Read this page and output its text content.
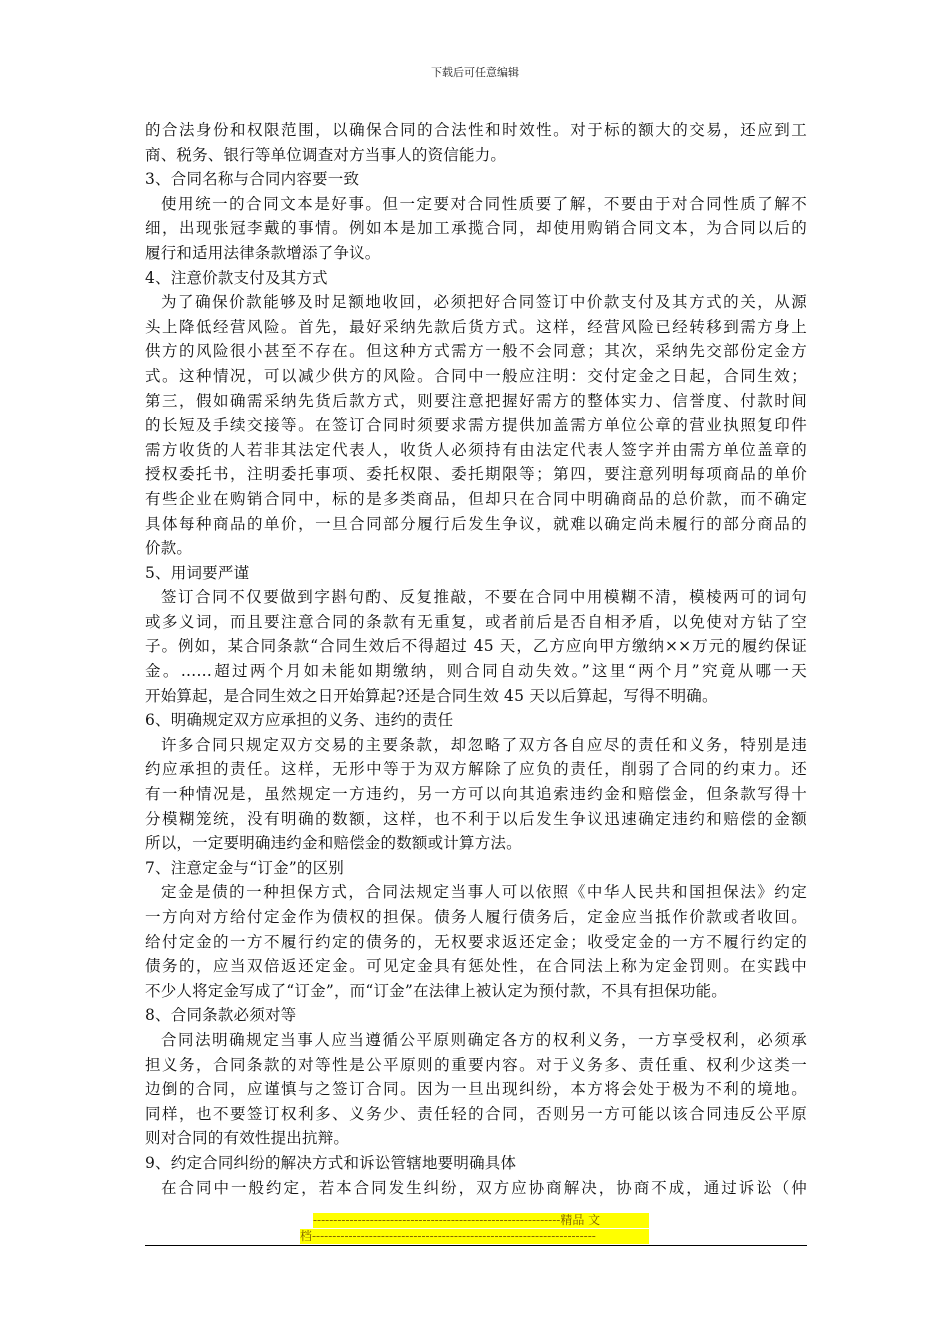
下载后可任意编辑
的合法身份和权限范围，以确保合同的合法性和时效性。对于标的额大的交易，还应到工
商、税务、银行等单位调查对方当事人的资信能力。
3、合同名称与合同内容要一致
使用统一的合同文本是好事。但一定要对合同性质要了解，不要由于对合同性质了解不
细，出现张冠李戴的事情。例如本是加工承揽合同，却使用购销合同文本，为合同以后的
履行和适用法律条款增添了争议。
4、注意价款支付及其方式
为了确保价款能够及时足额地收回，必须把好合同签订中价款支付及其方式的关，从源
头上降低经营风险。首先，最好采纳先款后货方式。这样，经营风险已经转移到需方身上
供方的风险很小甚至不存在。但这种方式需方一般不会同意；其次，采纳先交部份定金方
式。这种情况，可以减少供方的风险。合同中一般应注明：交付定金之日起，合同生效；
第三，假如确需采纳先货后款方式，则要注意把握好需方的整体实力、信誉度、付款时间
的长短及手续交接等。在签订合同时须要求需方提供加盖需方单位公章的营业执照复印件
需方收货的人若非其法定代表人，收货人必须持有由法定代表人签字并由需方单位盖章的
授权委托书，注明委托事项、委托权限、委托期限等；第四，要注意列明每项商品的单价
有些企业在购销合同中，标的是多类商品，但却只在合同中明确商品的总价款，而不确定
具体每种商品的单价，一旦合同部分履行后发生争议，就难以确定尚未履行的部分商品的
价款。
5、用词要严谨
签订合同不仅要做到字斟句酌、反复推敲，不要在合同中用模糊不清，模棱两可的词句
或多义词，而且要注意合同的条款有无重复，或者前后是否自相矛盾，以免使对方钻了空
子。例如，某合同条款“合同生效后不得超过 45 天，乙方应向甲方缴纳××万元的履约保证
金。……超过两个月如未能如期缴纳，则合同自动失效。”这里“两个月”究竟从哪一天
开始算起，是合同生效之日开始算起?还是合同生效 45 天以后算起，写得不明确。
6、明确规定双方应承担的义务、违约的责任
许多合同只规定双方交易的主要条款，却忽略了双方各自应尽的责任和义务，特别是违
约应承担的责任。这样，无形中等于为双方解除了应负的责任，削弱了合同的约束力。还
有一种情况是，虽然规定一方违约，另一方可以向其追索违约金和赔偿金，但条款写得十
分模糊笼统，没有明确的数额，这样，也不利于以后发生争议迅速确定违约和赔偿的金额
所以，一定要明确违约金和赔偿金的数额或计算方法。
7、注意定金与“订金”的区别
定金是债的一种担保方式，合同法规定当事人可以依照《中华人民共和国担保法》约定
一方向对方给付定金作为债权的担保。债务人履行债务后，定金应当抵作价款或者收回。
给付定金的一方不履行约定的债务的，无权要求返还定金；收受定金的一方不履行约定的
债务的，应当双倍返还定金。可见定金具有惩处性，在合同法上称为定金罚则。在实践中
不少人将定金写成了“订金”，而“订金”在法律上被认定为预付款，不具有担保功能。
8、合同条款必须对等
合同法明确规定当事人应当遵循公平原则确定各方的权利义务，一方享受权利，必须承
担义务，合同条款的对等性是公平原则的重要内容。对于义务多、责任重、权利少这类一
边倒的合同，应谨慎与之签订合同。因为一旦出现纠纷，本方将会处于极为不利的境地。
同样，也不要签订权利多、义务少、责任轻的合同，否则另一方可能以该合同违反公平原
则对合同的有效性提出抗辩。
9、约定合同纠纷的解决方式和诉讼管辖地要明确具体
在合同中一般约定，若本合同发生纠纷，双方应协商解决，协商不成，通过诉讼（仲
-------------------------------------------------------------精品 文
档----------------------------------------------------------------------
